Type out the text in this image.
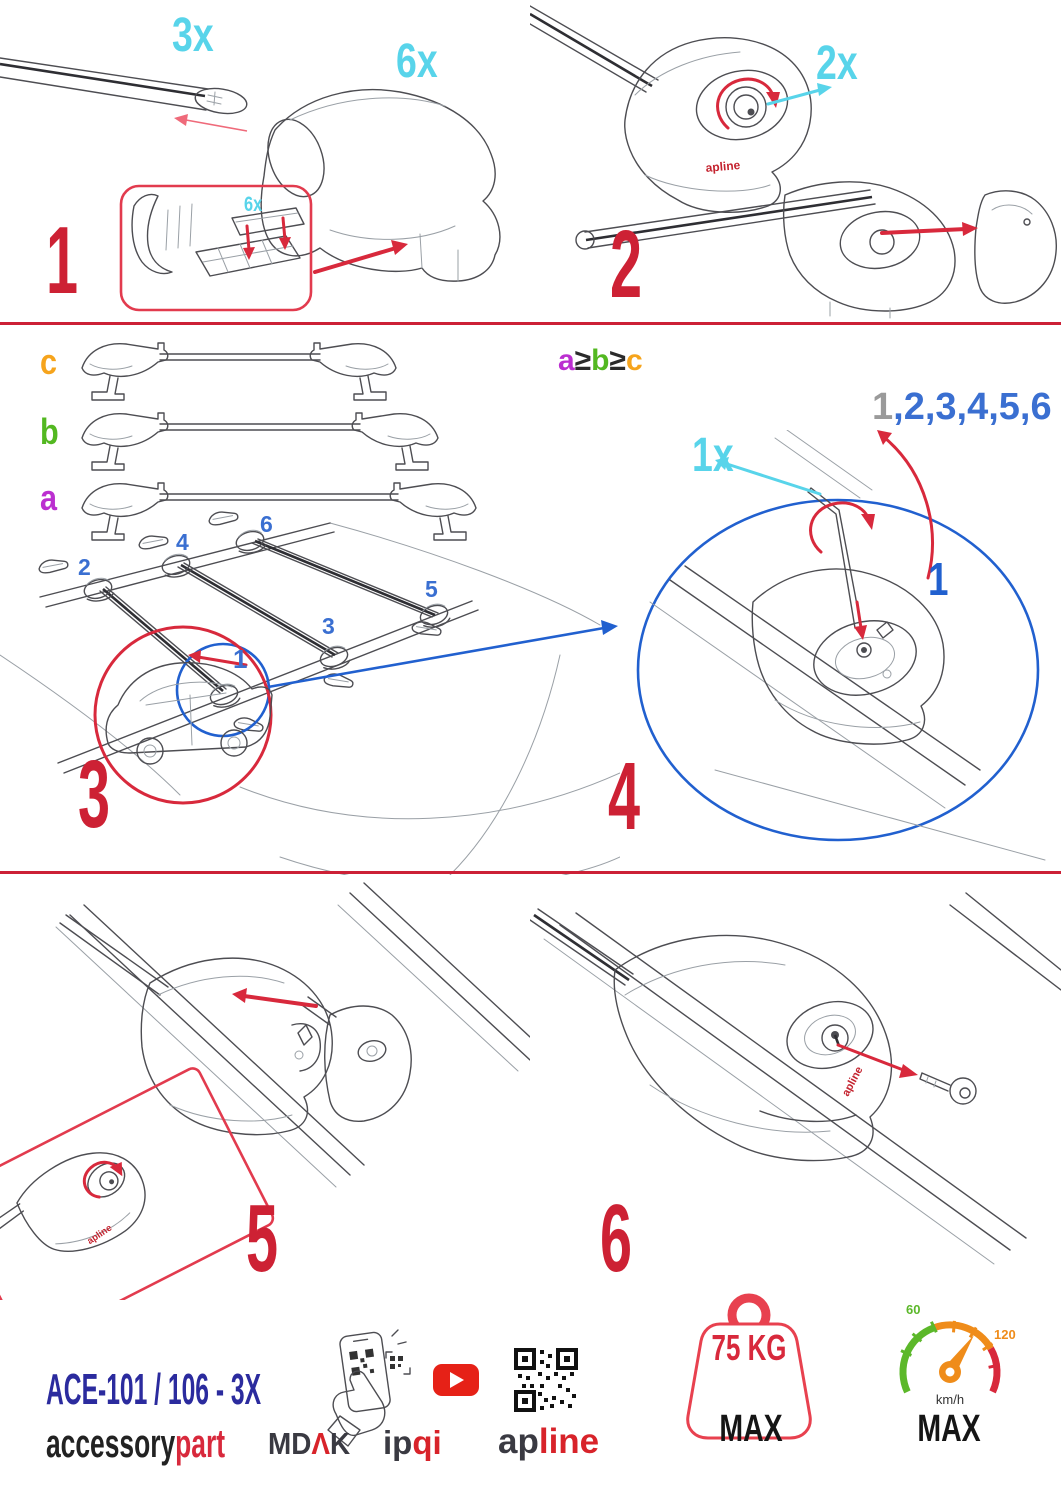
3x	6x
6x
1
apline
2x
2
c
b
a
2
4
6
3
5
1
3
a≥b≥c
1,2,3,4,5,6
1x
1
4
apline 5
apline
6
ACE-101 / 106 - 3X
accessorypart MDΛK ipqi apline
75 KG
MAX
60
120
km/h
MAX
